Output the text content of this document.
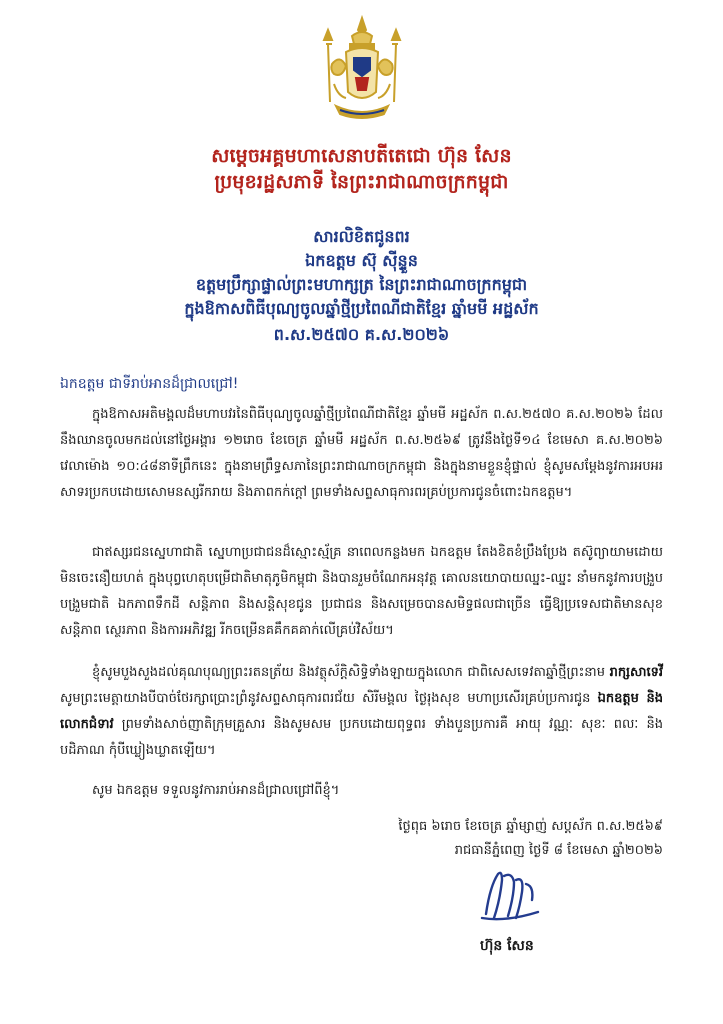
សម្តេចអគ្គមហាសេនាបតីតេជោ ហ៊ុន សែន
ប្រមុខរដ្ឋសភាទី នៃព្រះរាជាណាចក្រកម្ពុជា
សារលិខិតជូនពរ
ឯកឧត្តម ស៊ុ ស៊ីន្ទួន
ឧត្តមប្រឹក្សាផ្ទាល់ព្រះមហាក្សត្រ នៃព្រះរាជាណាចក្រកម្ពុជា
ក្នុងឱកាសពិធីបុណ្យចូលឆ្នាំថ្មីប្រពៃណីជាតិខ្មែរ ឆ្នាំមមី អដ្ឋស័ក
ព.ស.២៥៧០ គ.ស.២០២៦
ឯកឧត្តម ជាទីរាប់អានដ៏ជ្រាលជ្រៅ!
ក្នុងឱកាសអតិមង្គលដ៏មហាបវរនៃពិធីបុណ្យចូលឆ្នាំថ្មីប្រពៃណីជាតិខ្មែរ ឆ្នាំមមី អដ្ឋស័ក ព.ស.២៥៧០ គ.ស.២០២៦ ដែលនឹងឈានចូលមកដល់នៅថ្ងៃអង្គារ ១២រោច ខែចេត្រ ឆ្នាំមមី អដ្ឋស័ក ព.ស.២៥៦៩ ត្រូវនឹងថ្ងៃទី១៤ ខែមេសា គ.ស.២០២៦ វេលាម៉ោង ១០:៤៨នាទីព្រឹកនេះ ក្នុងនាមព្រឹទ្ធសភានៃព្រះរាជាណាចក្រកម្ពុជា និងក្នុងនាមខ្លួនខ្ញុំផ្ទាល់ ខ្ញុំសូមសម្តែងនូវការអបអរសាទរប្រកបដោយសោមនស្សរីករាយ និងភាពកក់ក្តៅ ព្រមទាំងសព្ទសាធុការពរគ្រប់ប្រការជូនចំពោះឯកឧត្តម។
ជាឥស្សរជនស្នេហាជាតិ ស្នេហាប្រជាជនដ៏ស្មោះស្ម័គ្រ នាពេលកន្លងមក ឯកឧត្តម តែងខិតខំប្រឹងប្រែង តស៊ូព្យាយាមដោយមិនចេះនឿយហត់ ក្នុងបុព្វហេតុបម្រើជាតិមាតុភូមិកម្ពុជា និងបានរួមចំណែកអនុវត្ត គោលនយោបាយឈ្នះ-ឈ្នះ នាំមកនូវការបង្រួបបង្រួមជាតិ ឯកភាពទឹកដី សន្តិភាព និងសន្តិសុខជូន ប្រជាជន និងសម្រេចបានសមិទ្ធផលជាច្រើន ធ្វើឱ្យប្រទេសជាតិមានសុខសន្តិភាព ស្ថេរភាព និងការអភិវឌ្ឍ រីកចម្រើនគគឹកគគាក់លើគ្រប់វិស័យ។
ខ្ញុំសូមបួងសួងដល់គុណបុណ្យព្រះរតនត្រ័យ និងវត្ថុស័ក្តិសិទ្ធិទាំងឡាយក្នុងលោក ជាពិសេសទេវតាឆ្នាំថ្មីព្រះនាម រាក្សសាទេវី សូមព្រះមេត្តាយាងបីបាច់ថែរក្សាប្រោះព្រំនូវសព្ទសាធុការពរជ័យ សិរីមង្គល ថ្ងៃរុងសុខ មហាប្រសើរគ្រប់ប្រការជូន ឯកឧត្តម និងលោកជំទាវ ព្រមទាំងសាច់ញាតិក្រុមគ្រួសារ និងសូមសម ប្រកបដោយពុទ្ធពរ ទាំងបួនប្រការគឺ អាយុ វណ្ណៈ សុខៈ ពលៈ និងបដិភាណ កុំបីឃ្លៀងឃ្លាតឡើយ។
សូម ឯកឧត្តម ទទួលនូវការរាប់អានដ៏ជ្រាលជ្រៅពីខ្ញុំ។
ថ្ងៃពុធ ៦រោច ខែចេត្រ ឆ្នាំម្សាញ់ សប្តស័ក ព.ស.២៥៦៩
រាជធានីភ្នំពេញ ថ្ងៃទី ៨ ខែមេសា ឆ្នាំ២០២៦
ហ៊ុន សែន
